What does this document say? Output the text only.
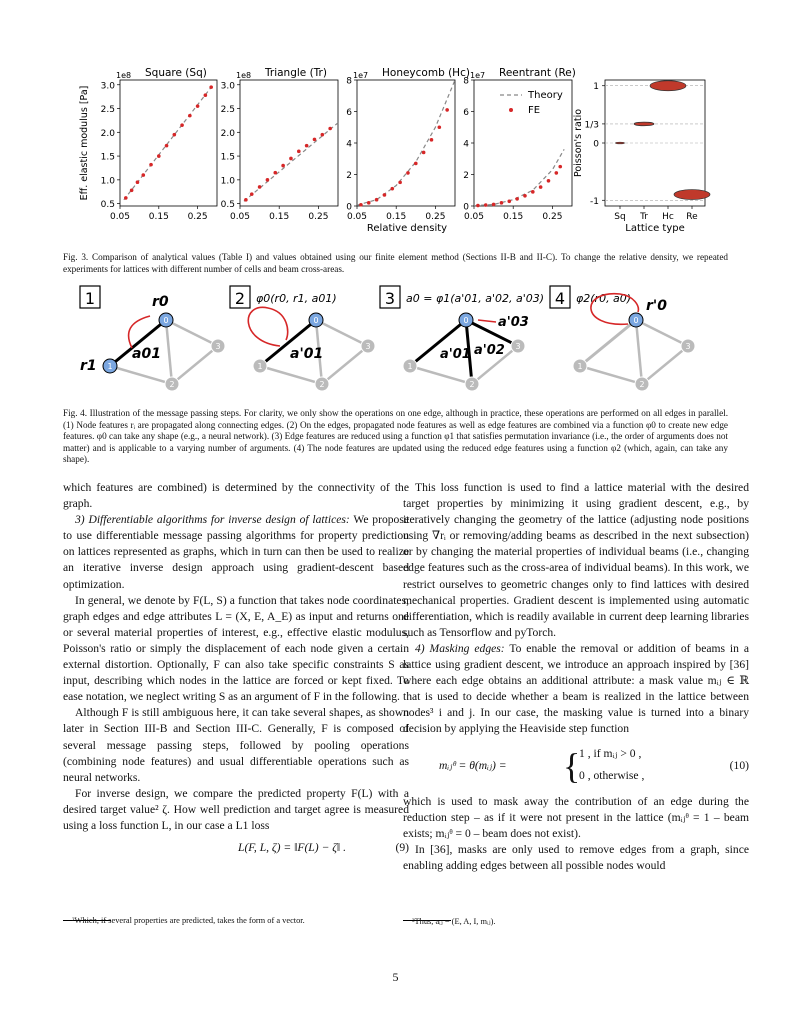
Square (Sq)
1e8
0.5
1.0
1.5
2.0
2.5
3.0
0.05 0.15 0.25
Eff. elastic modulus [Pa]
Triangle (Tr)
1e8
0.5
1.0
1.5
2.0
2.5
3.0
0.05 0.15 0.25
Honeycomb (Hc)
1e7
0
2
4
6
8
0.05 0.15 0.25
Relative density
Reentrant (Re)
1e7
0
2
4
6
8
0.05 0.15 0.25
Theory
FE
-1
0
1/3
1
Sq Tr Hc Re
Poisson's ratio
Lattice type
Fig. 3. Comparison of analytical values (Table I) and values obtained using our finite element method (Sections II-B and II-C). To change the relative density, we repeated experiments for lattices with different number of cells and beam cross-areas.
1
0
1
2
3
r0
r1
a01
2 φ0(r0, r1, a01)
0
1
2
3
a'01
3 a0 = φ1(a'01, a'02, a'03)
0
1
2
3
a'01 a'02
a'03
4 φ2(r0, a0)
0
1
2
3
r'0
Fig. 4. Illustration of the message passing steps. For clarity, we only show the operations on one edge, although in practice, these operations are performed on all edges in parallel. (1) Node features rᵢ are propagated along connecting edges. (2) On the edges, propagated node features as well as edge features are combined via a function φ0 to create new edge features. φ0 can take any shape (e.g., a neural network). (3) Edge features are reduced using a function φ1 that satisfies permutation invariance (i.e., the order of arguments does not matter) and is applicable to a varying number of arguments. (4) The node features are updated using the reduced edge features using a function φ2 (which, again, can take any shape).

which features are combined) is determined by the connectivity of the graph.

3) Differentiable algorithms for inverse design of lattices: We propose to use differentiable message passing algorithms for property prediction on lattices represented as graphs, which in turn can then be used to realize an iterative inverse design approach using gradient-descent based optimization.

In general, we denote by F(L, S) a function that takes node coordinates, graph edges and edge attributes L = (X, E, A_E) as input and returns one or several material properties of interest, e.g., effective elastic modulus, Poisson's ratio or simply the displacement of each node given a certain external distortion. Optionally, F can also take specific constraints S as input, describing which nodes in the lattice are forced or kept fixed. To ease notation, we neglect writing S as an argument of F in the following.

Although F is still ambiguous here, it can take several shapes, as shown later in Section III-B and Section III-C. Generally, F is composed of several message passing steps, followed by pooling operations (combining node features) and usual differentiable operations such as neural networks.

For inverse design, we compare the predicted property F(L) with a desired target value² ζ. How well prediction and target agree is measured using a loss function L, in our case a L1 loss

L(F, L, ζ) = ‖F(L) − ζ‖ .	(9)
²Which, if several properties are predicted, takes the form of a vector.

This loss function is used to find a lattice material with the desired target properties by minimizing it using gradient descent, e.g., by iteratively changing the geometry of the lattice (adjusting node positions using ∇rᵢ or removing/adding beams as described in the next subsection) or by changing the material properties of individual beams (i.e., changing edge features such as the cross-area of individual beams). In this work, we restrict ourselves to geometric changes only to find lattices with desired mechanical properties. Gradient descent is implemented using automatic differentiation, which is readily available in current deep learning libraries such as Tensorflow and pyTorch.

4) Masking edges: To enable the removal or addition of beams in a lattice using gradient descent, we introduce an approach inspired by [36] where each edge obtains an additional attribute: a mask value mᵢⱼ ∈ ℝ that is used to decide whether a beam is realized in the lattice between nodes³ i and j. In our case, the masking value is turned into a binary decision by applying the Heaviside step function

mᵢⱼᶿ = θ(mᵢⱼ) = {
1 , if mᵢⱼ > 0 ,
0 , otherwise ,
(10)

which is used to mask away the contribution of an edge during the reduction step – as if it were not present in the lattice (mᵢⱼᶿ = 1 – beam exists; mᵢⱼᶿ = 0 – beam does not exist).

In [36], masks are only used to remove edges from a graph, since enabling adding edges between all possible nodes would

³Thus, aᵢⱼ = (E, A, I, mᵢⱼ).
5
